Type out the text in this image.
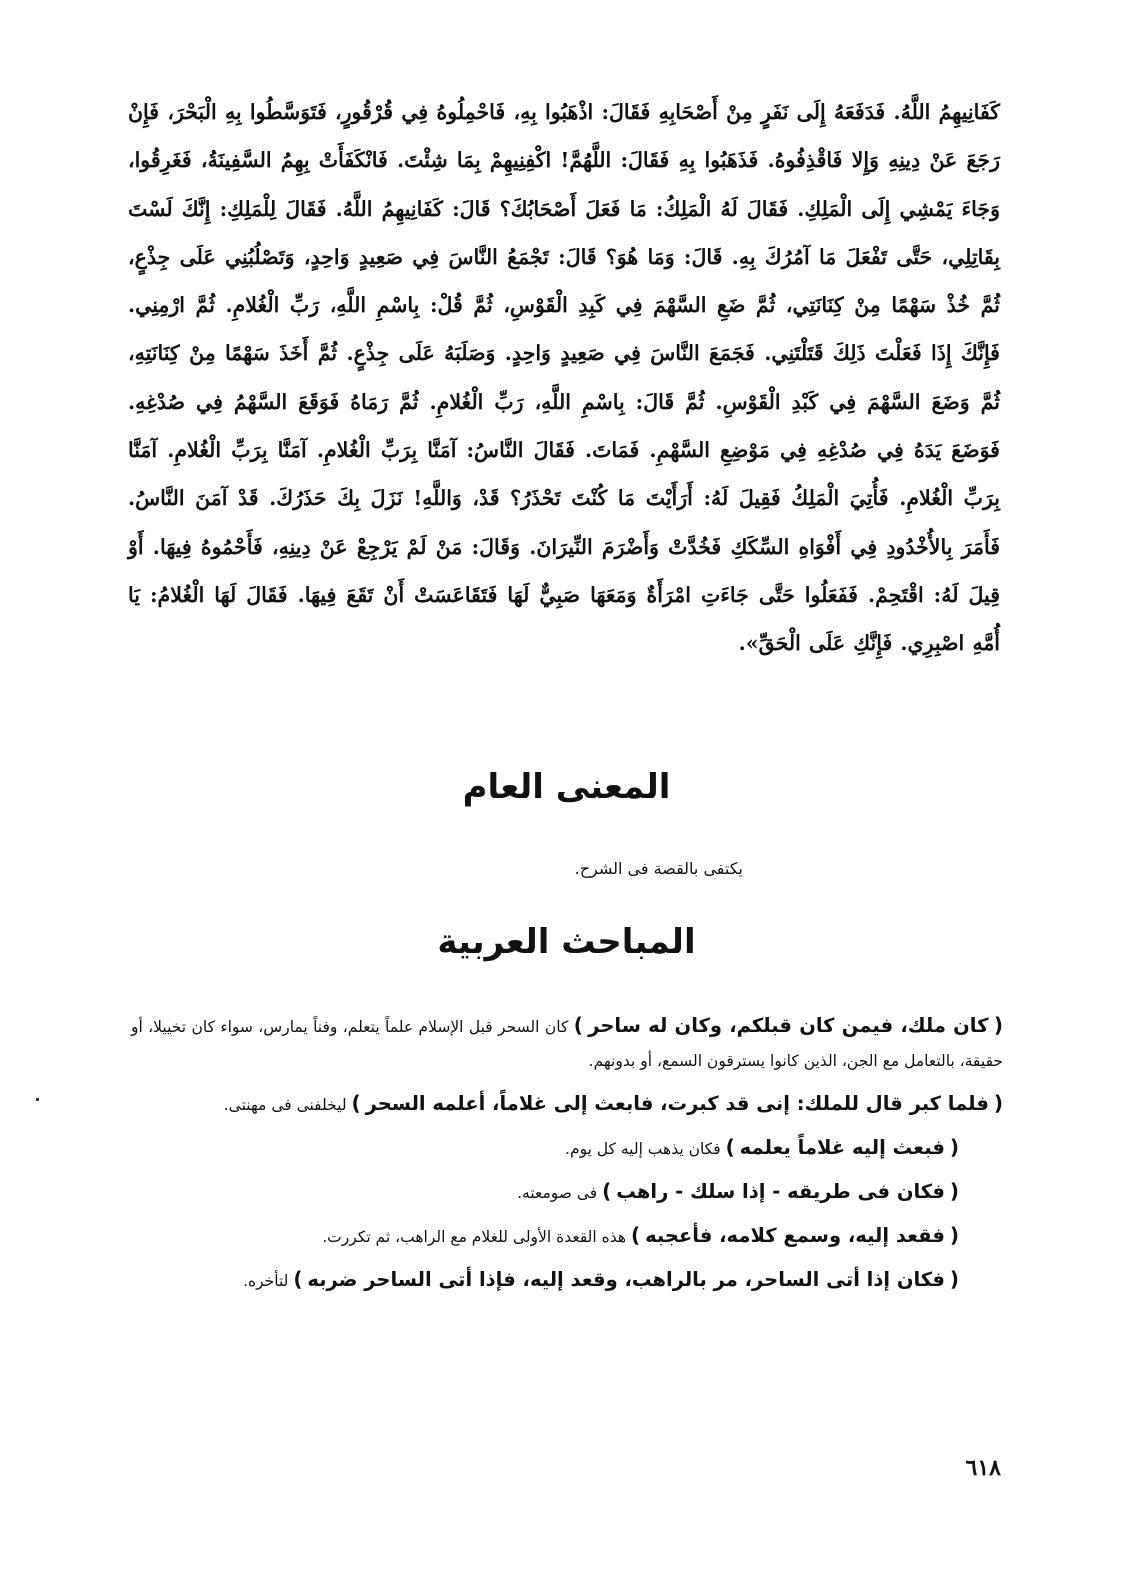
كَفَانِيهِمُ اللَّهُ. فَدَفَعَهُ إِلَى نَفَرٍ مِنْ أَصْحَابِهِ فَقَالَ: اذْهَبُوا بِهِ، فَاحْمِلُوهُ فِي قُرْقُورٍ، فَتَوَسَّطُوا بِهِ الْبَحْرَ، فَإِنْ رَجَعَ عَنْ دِينِهِ وَإِلا فَاقْذِفُوهُ. فَذَهَبُوا بِهِ فَقَالَ: اللَّهُمَّ! اكْفِنِيهِمْ بِمَا شِئْتَ. فَانْكَفَأَتْ بِهِمُ السَّفِينَةُ، فَغَرِقُوا، وَجَاءَ يَمْشِي إِلَى الْمَلِكِ. فَقَالَ لَهُ الْمَلِكُ: مَا فَعَلَ أَصْحَابُكَ؟ قَالَ: كَفَانِيهِمُ اللَّهُ. فَقَالَ لِلْمَلِكِ: إِنَّكَ لَسْتَ بِقَاتِلِي، حَتَّى تَفْعَلَ مَا آمُرُكَ بِهِ. قَالَ: وَمَا هُوَ؟ قَالَ: تَجْمَعُ النَّاسَ فِي صَعِيدٍ وَاحِدٍ، وَتَصْلُبُنِي عَلَى جِذْعٍ، ثُمَّ خُذْ سَهْمًا مِنْ كِنَانَتِي، ثُمَّ ضَعِ السَّهْمَ فِي كَبِدِ الْقَوْسِ، ثُمَّ قُلْ: بِاسْمِ اللَّهِ، رَبِّ الْغُلامِ. ثُمَّ ارْمِنِي. فَإِنَّكَ إِذَا فَعَلْتَ ذَلِكَ قَتَلْتَنِي. فَجَمَعَ النَّاسَ فِي صَعِيدٍ وَاحِدٍ. وَصَلَبَهُ عَلَى جِذْعٍ. ثُمَّ أَخَذَ سَهْمًا مِنْ كِنَانَتِهِ، ثُمَّ وَضَعَ السَّهْمَ فِي كَبْدِ الْقَوْسِ. ثُمَّ قَالَ: بِاسْمِ اللَّهِ، رَبِّ الْغُلامِ. ثُمَّ رَمَاهُ فَوَقَعَ السَّهْمُ فِي صُدْغِهِ. فَوَضَعَ يَدَهُ فِي صُدْغِهِ فِي مَوْضِعِ السَّهْمِ. فَمَاتَ. فَقَالَ النَّاسُ: آمَنَّا بِرَبِّ الْغُلامِ. آمَنَّا بِرَبِّ الْغُلامِ. آمَنَّا بِرَبِّ الْغُلامِ. فَأُتِيَ الْمَلِكُ فَقِيلَ لَهُ: أَرَأَيْتَ مَا كُنْتَ تَحْذَرُ؟ قَدْ، وَاللَّهِ! نَزَلَ بِكَ حَذَرُكَ. قَدْ آمَنَ النَّاسُ. فَأَمَرَ بِالأُخْدُودِ فِي أَفْوَاهِ السِّكَكِ فَخُدَّتْ وَأَضْرَمَ النِّيرَانَ. وَقَالَ: مَنْ لَمْ يَرْجِعْ عَنْ دِينِهِ، فَأَحْمُوهُ فِيهَا. أَوْ قِيلَ لَهُ: اقْتَحِمْ. فَفَعَلُوا حَتَّى جَاءَتِ امْرَأَةٌ وَمَعَهَا صَبِيٌّ لَهَا فَتَقَاعَسَتْ أَنْ تَقَعَ فِيهَا. فَقَالَ لَهَا الْغُلامُ: يَا أُمَّهِ اصْبِرِي. فَإِنَّكِ عَلَى الْحَقِّ».
المعنى العام
يكتفى بالقصة فى الشرح.
المباحث العربية

( كان ملك، فيمن كان قبلكم، وكان له ساحر ) كان السحر قبل الإسلام علماً يتعلم، وفناً يمارس، سواء كان تخييلا، أو حقيقة، بالتعامل مع الجن، الذين كانوا يسترقون السمع، أو بدونهم.

( فلما كبر قال للملك: إنى قد كبرت، فابعث إلى غلاماً، أعلمه السحر ) ليخلفنى فى مهنتى.

( فبعث إليه غلاماً يعلمه ) فكان يذهب إليه كل يوم.

( فكان فى طريقه - إذا سلك - راهب ) فى صومعته.

( فقعد إليه، وسمع كلامه، فأعجبه ) هذه القعدة الأولى للغلام مع الراهب، ثم تكررت.

( فكان إذا أتى الساحر، مر بالراهب، وقعد إليه، فإذا أتى الساحر ضربه ) لتأخره.

٦١٨
